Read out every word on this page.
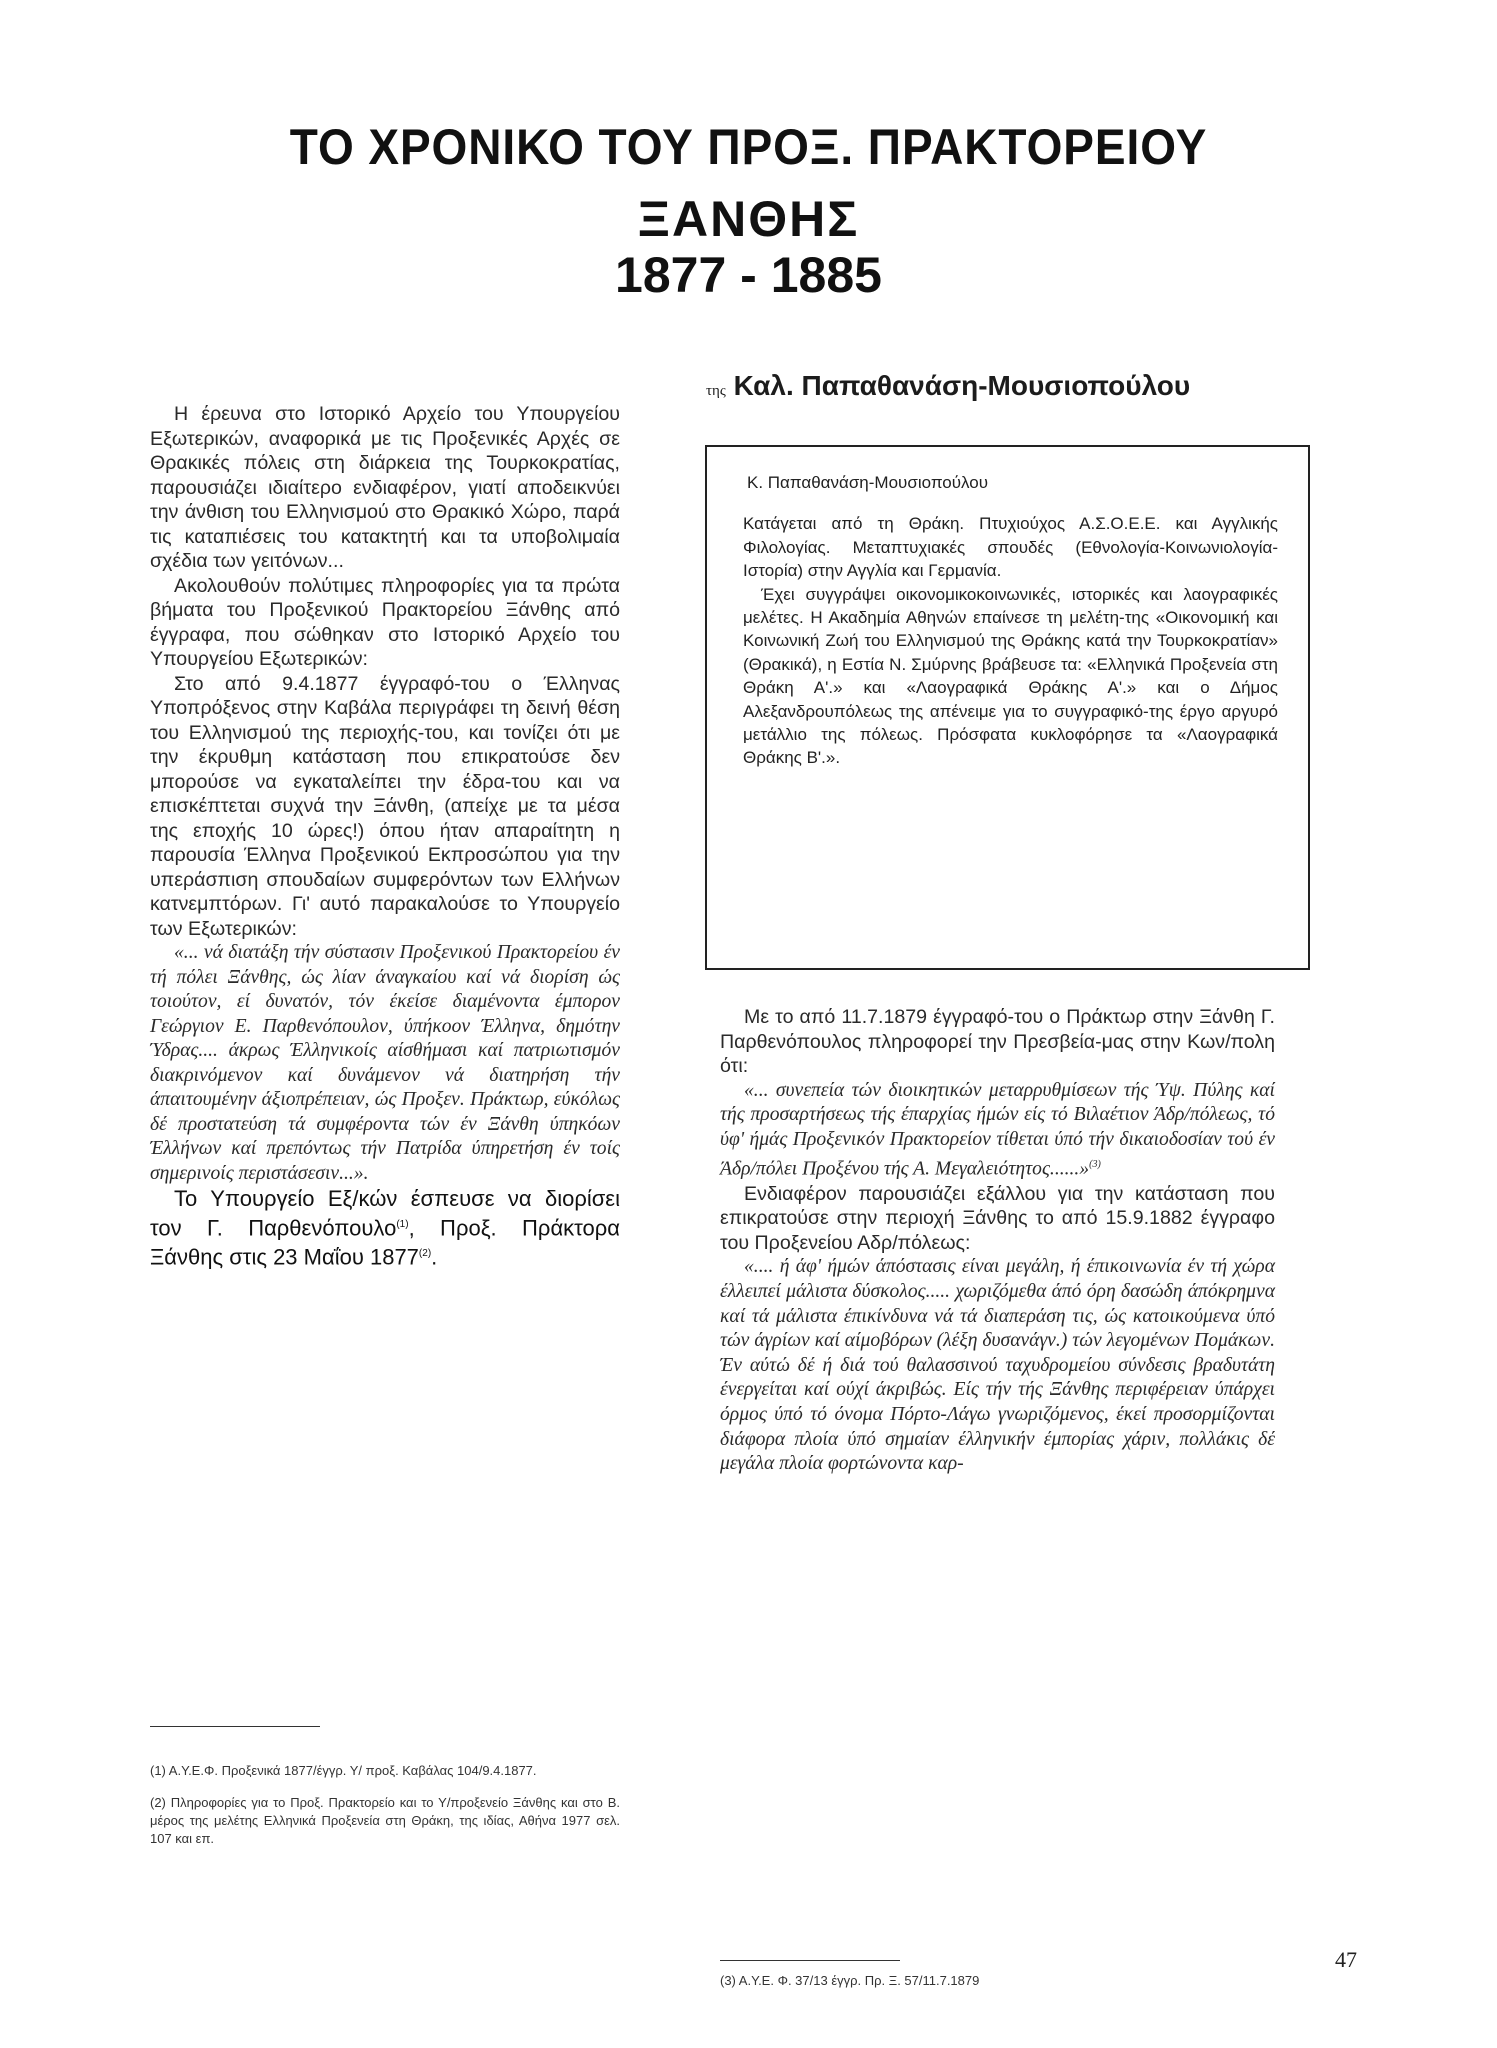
ΤΟ ΧΡΟΝΙΚΟ ΤΟΥ ΠΡΟΞ. ΠΡΑΚΤΟΡΕΙΟΥ
ΞΑΝΘΗΣ
1877 - 1885
της Καλ. Παπαθανάση-Μουσιοπούλου

Η έρευνα στο Ιστορικό Αρχείο του Υπουργείου Εξωτερικών, αναφορικά με τις Προξενικές Αρχές σε Θρακικές πόλεις στη διάρκεια της Τουρκοκρατίας, παρουσιάζει ιδιαίτερο ενδιαφέρον, γιατί αποδεικνύει την άνθιση του Ελληνισμού στο Θρακικό Χώρο, παρά τις καταπιέσεις του κατακτητή και τα υποβολιμαία σχέδια των γειτόνων...

Ακολουθούν πολύτιμες πληροφορίες για τα πρώτα βήματα του Προξενικού Πρακτορείου Ξάνθης από έγγραφα, που σώθηκαν στο Ιστορικό Αρχείο του Υπουργείου Εξωτερικών:

Στο από 9.4.1877 έγγραφό-του ο Έλληνας Υποπρόξενος στην Καβάλα περιγράφει τη δεινή θέση του Ελληνισμού της περιοχής-του, και τονίζει ότι με την έκρυθμη κατάσταση που επικρατούσε δεν μπορούσε να εγκαταλείπει την έδρα-του και να επισκέπτεται συχνά την Ξάνθη, (απείχε με τα μέσα της εποχής 10 ώρες!) όπου ήταν απαραίτητη η παρουσία Έλληνα Προξενικού Εκπροσώπου για την υπεράσπιση σπουδαίων συμφερόντων των Ελλήνων κατνεμπτόρων. Γι' αυτό παρακαλούσε το Υπουργείο των Εξωτερικών:

«... νά διατάξη τήν σύστασιν Προξενικού Πρακτορείου έν τή πόλει Ξάνθης, ώς λίαν άναγκαίου καί νά διορίση ώς τοιούτον, εί δυνατόν, τόν έκείσε διαμένοντα έμπορον Γεώργιον Ε. Παρθενόπουλον, ύπήκοον Έλληνα, δημότην Ύδρας.... άκρως Έλληνικοίς αίσθήμασι καί πατριωτισμόν διακρινόμενον καί δυνάμενον νά διατηρήση τήν άπαιτουμένην άξιοπρέπειαν, ώς Προξεν. Πράκτωρ, εύκόλως δέ προστατεύση τά συμφέροντα τών έν Ξάνθη ύπηκόων Έλλήνων καί πρεπόντως τήν Πατρίδα ύπηρετήση έν τοίς σημερινοίς περιστάσεσιν...».

Το Υπουργείο Εξ/κών έσπευσε να διορίσει τον Γ. Παρθενόπουλο$^{(1)}$, Προξ. Πράκτορα Ξάνθης στις 23 Μαΐου 1877$^{(2)}$.

Κ. Παπαθανάση-Μουσιοπούλου

Κατάγεται από τη Θράκη. Πτυχιούχος Α.Σ.Ο.Ε.Ε. και Αγγλικής Φιλολογίας. Μεταπτυχιακές σπουδές (Εθνολογία-Κοινωνιολογία-Ιστορία) στην Αγγλία και Γερμανία.

Έχει συγγράψει οικονομικοκοινωνικές, ιστορικές και λαογραφικές μελέτες. Η Ακαδημία Αθηνών επαίνεσε τη μελέτη-της «Οικονομική και Κοινωνική Ζωή του Ελληνισμού της Θράκης κατά την Τουρκοκρατίαν» (Θρακικά), η Εστία Ν. Σμύρνης βράβευσε τα: «Ελληνικά Προξενεία στη Θράκη Α'.» και «Λαογραφικά Θράκης Α'.» και ο Δήμος Αλεξανδρουπόλεως της απένειμε για το συγγραφικό-της έργο αργυρό μετάλλιο της πόλεως. Πρόσφατα κυκλοφόρησε τα «Λαογραφικά Θράκης Β'.».

Με το από 11.7.1879 έγγραφό-του ο Πράκτωρ στην Ξάνθη Γ. Παρθενόπουλος πληροφορεί την Πρεσβεία-μας στην Κων/πολη ότι:

«... συνεπεία τών διοικητικών μεταρρυθμίσεων τής Ύψ. Πύλης καί τής προσαρτήσεως τής έπαρχίας ήμών είς τό Βιλαέτιον Άδρ/πόλεως, τό ύφ' ήμάς Προξενικόν Πρακτορείον τίθεται ύπό τήν δικαιοδοσίαν τού έν Άδρ/πόλει Προξένου τής Α. Μεγαλειότητος......»$^{(3)}$

Ενδιαφέρον παρουσιάζει εξάλλου για την κατάσταση που επικρατούσε στην περιοχή Ξάνθης το από 15.9.1882 έγγραφο του Προξενείου Αδρ/πόλεως:

«.... ή άφ' ήμών άπόστασις είναι μεγάλη, ή έπικοινωνία έν τή χώρα έλλειπεί μάλιστα δύσκολος..... χωριζόμεθα άπό όρη δασώδη άπόκρημνα καί τά μάλιστα έπικίνδυνα νά τά διαπεράση τις, ώς κατοικούμενα ύπό τών άγρίων καί αίμοβόρων (λέξη δυσανάγν.) τών λεγομένων Πομάκων. Έν αύτώ δέ ή διά τού θαλασσινού ταχυδρομείου σύνδεσις βραδυτάτη ένεργείται καί ούχί άκριβώς. Είς τήν τής Ξάνθης περιφέρειαν ύπάρχει όρμος ύπό τό όνομα Πόρτο-Λάγω γνωριζόμενος, έκεί προσορμίζονται διάφορα πλοία ύπό σημαίαν έλληνικήν έμπορίας χάριν, πολλάκις δέ μεγάλα πλοία φορτώνοντα καρ-

(1) Α.Υ.Ε.Φ. Προξενικά 1877/έγγρ. Υ/ προξ. Καβάλας 104/9.4.1877.

(2) Πληροφορίες για το Προξ. Πρακτορείο και το Υ/προξενείο Ξάνθης και στο Β. μέρος της μελέτης Ελληνικά Προξενεία στη Θράκη, της ιδίας, Αθήνα 1977 σελ. 107 και επ.

(3) Α.Υ.Ε. Φ. 37/13 έγγρ. Πρ. Ξ. 57/11.7.1879

47
